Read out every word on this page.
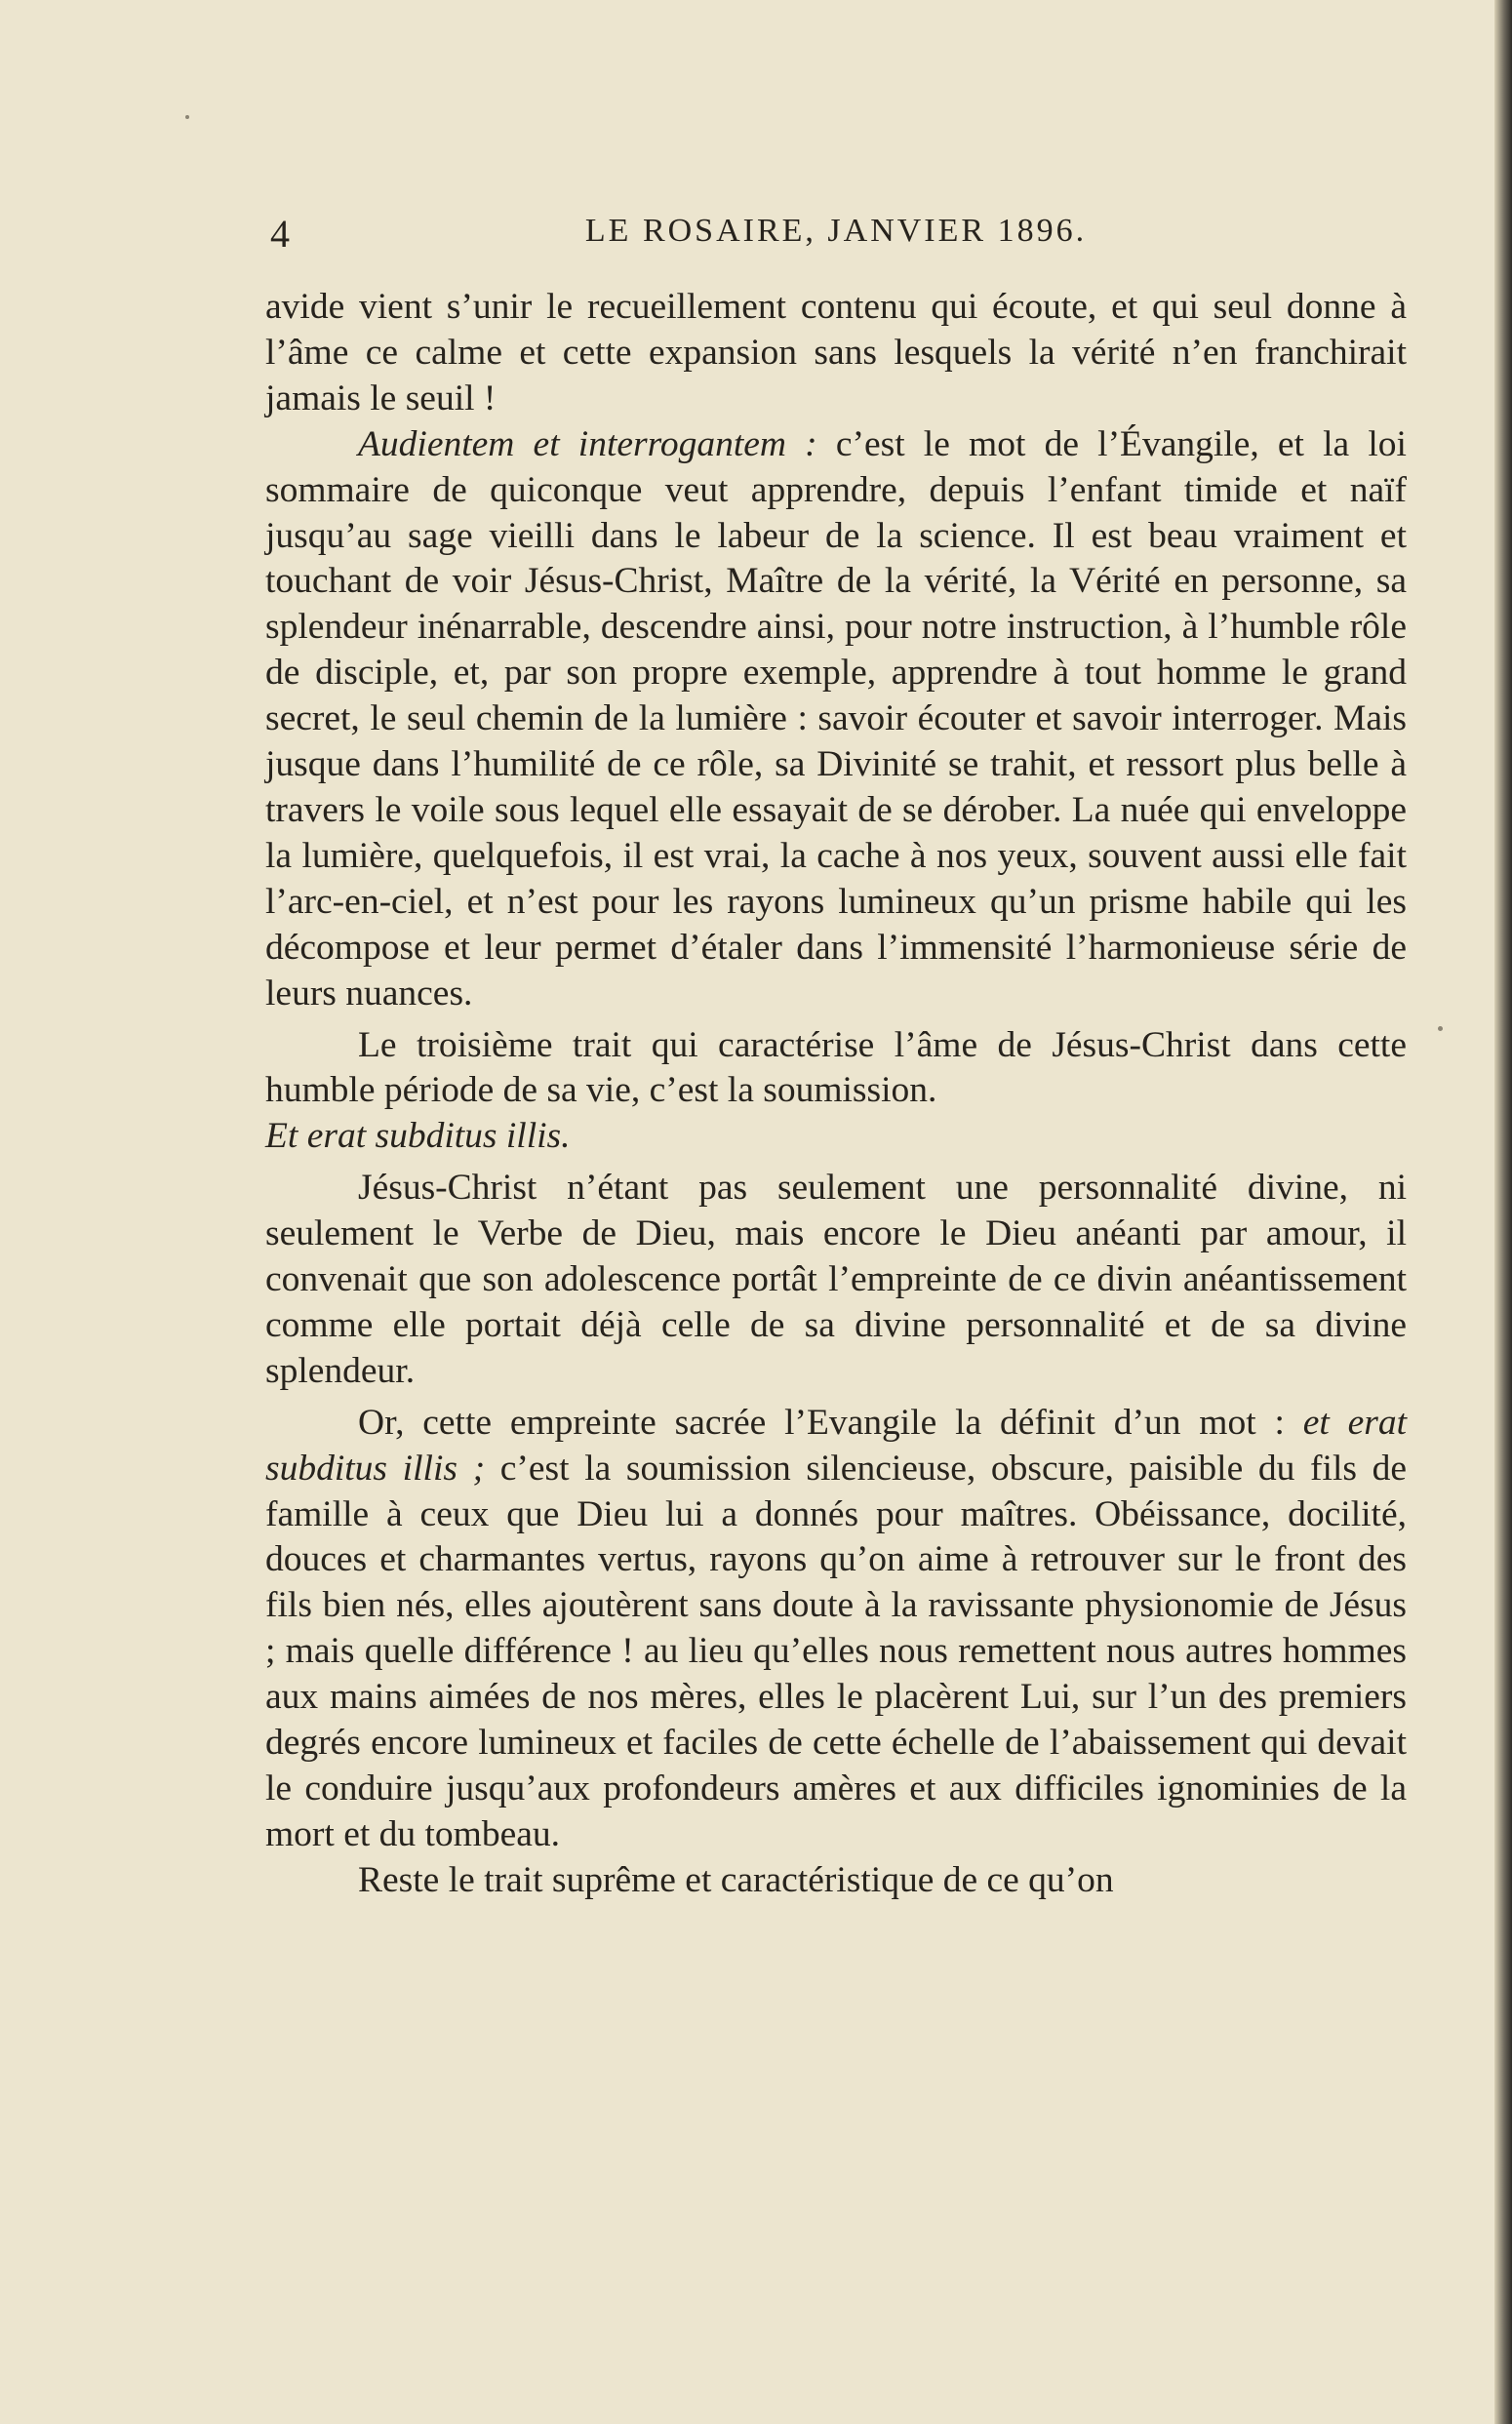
4	LE ROSAIRE, JANVIER 1896.

avide vient s’unir le recueillement contenu qui écoute, et qui seul donne à l’âme ce calme et cette expansion sans lesquels la vérité n’en franchirait jamais le seuil !

Audientem et interrogantem : c’est le mot de l’Évangile, et la loi sommaire de quiconque veut apprendre, depuis l’enfant timide et naïf jusqu’au sage vieilli dans le labeur de la science. Il est beau vraiment et touchant de voir Jésus-Christ, Maître de la vérité, la Vérité en personne, sa splendeur inénarrable, descendre ainsi, pour notre instruction, à l’humble rôle de disciple, et, par son propre exemple, apprendre à tout homme le grand secret, le seul chemin de la lumière : savoir écouter et savoir interroger. Mais jusque dans l’humilité de ce rôle, sa Divinité se trahit, et ressort plus belle à travers le voile sous lequel elle essayait de se dérober. La nuée qui enveloppe la lumière, quelquefois, il est vrai, la cache à nos yeux, souvent aussi elle fait l’arc-en-ciel, et n’est pour les rayons lumineux qu’un prisme habile qui les décompose et leur permet d’étaler dans l’immensité l’harmonieuse série de leurs nuances.

Le troisième trait qui caractérise l’âme de Jésus-Christ dans cette humble période de sa vie, c’est la soumission.
Et erat subditus illis.

Jésus-Christ n’étant pas seulement une personnalité divine, ni seulement le Verbe de Dieu, mais encore le Dieu anéanti par amour, il convenait que son adolescence portât l’empreinte de ce divin anéantissement comme elle portait déjà celle de sa divine personnalité et de sa divine splendeur.

Or, cette empreinte sacrée l’Evangile la définit d’un mot : et erat subditus illis ; c’est la soumission silencieuse, obscure, paisible du fils de famille à ceux que Dieu lui a donnés pour maîtres. Obéissance, docilité, douces et charmantes vertus, rayons qu’on aime à retrouver sur le front des fils bien nés, elles ajoutèrent sans doute à la ravissante physionomie de Jésus ; mais quelle différence ! au lieu qu’elles nous remettent nous autres hommes aux mains aimées de nos mères, elles le placèrent Lui, sur l’un des premiers degrés encore lumineux et faciles de cette échelle de l’abaissement qui devait le conduire jusqu’aux profondeurs amères et aux difficiles ignominies de la mort et du tombeau.

Reste le trait suprême et caractéristique de ce qu’on
